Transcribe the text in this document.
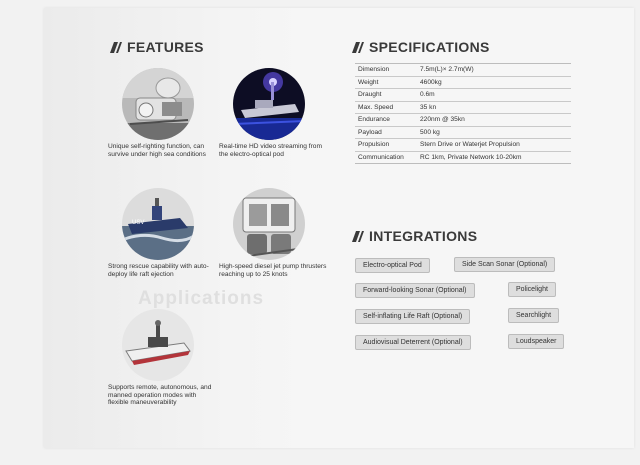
Applications
FEATURES
Unique self-righting function, can survive under high sea conditions
Real-time HD video streaming from the electro-optical pod
USV
Strong rescue capability with auto-deploy life raft ejection
High-speed diesel jet pump thrusters reaching up to 25 knots
Supports remote, autonomous, and manned operation modes with flexible maneuverability
SPECIFICATIONS
Dimension	7.5m(L)× 2.7m(W)
Weight	4600kg
Draught	0.6m
Max. Speed	35 kn
Endurance	220nm @ 35kn
Payload	500 kg
Propulsion	Stern Drive or Waterjet Propulsion
Communication	RC 1km, Private Network 10-20km
INTEGRATIONS
Electro-optical Pod	Side Scan Sonar (Optional)
Forward-looking Sonar (Optional)	Policelight
Self-inflating Life Raft (Optional)	Searchlight
Audiovisual Deterrent (Optional)	Loudspeaker
